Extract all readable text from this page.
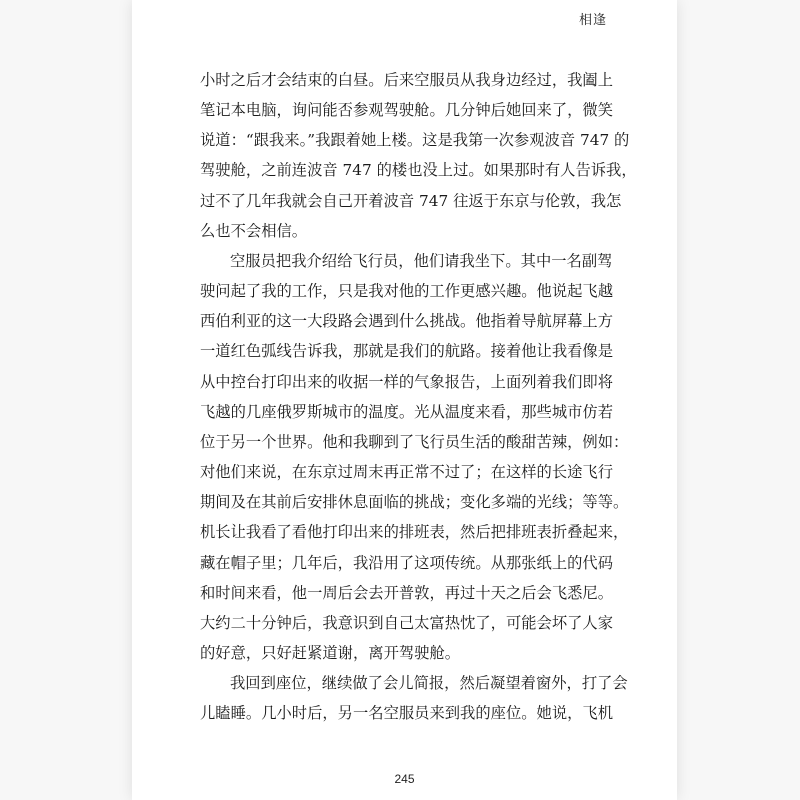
相逢
小时之后才会结束的白昼。后来空服员从我身边经过，我阖上
笔记本电脑，询问能否参观驾驶舱。几分钟后她回来了，微笑
说道：“跟我来。”我跟着她上楼。这是我第一次参观波音 747 的
驾驶舱，之前连波音 747 的楼也没上过。如果那时有人告诉我，
过不了几年我就会自己开着波音 747 往返于东京与伦敦，我怎
么也不会相信。
空服员把我介绍给飞行员，他们请我坐下。其中一名副驾
驶问起了我的工作，只是我对他的工作更感兴趣。他说起飞越
西伯利亚的这一大段路会遇到什么挑战。他指着导航屏幕上方
一道红色弧线告诉我，那就是我们的航路。接着他让我看像是
从中控台打印出来的收据一样的气象报告，上面列着我们即将
飞越的几座俄罗斯城市的温度。光从温度来看，那些城市仿若
位于另一个世界。他和我聊到了飞行员生活的酸甜苦辣，例如：
对他们来说，在东京过周末再正常不过了；在这样的长途飞行
期间及在其前后安排休息面临的挑战；变化多端的光线；等等。
机长让我看了看他打印出来的排班表，然后把排班表折叠起来，
藏在帽子里；几年后，我沿用了这项传统。从那张纸上的代码
和时间来看，他一周后会去开普敦，再过十天之后会飞悉尼。
大约二十分钟后，我意识到自己太富热忱了，可能会坏了人家
的好意，只好赶紧道谢，离开驾驶舱。
我回到座位，继续做了会儿简报，然后凝望着窗外，打了会
儿瞌睡。几小时后，另一名空服员来到我的座位。她说，飞机
245
